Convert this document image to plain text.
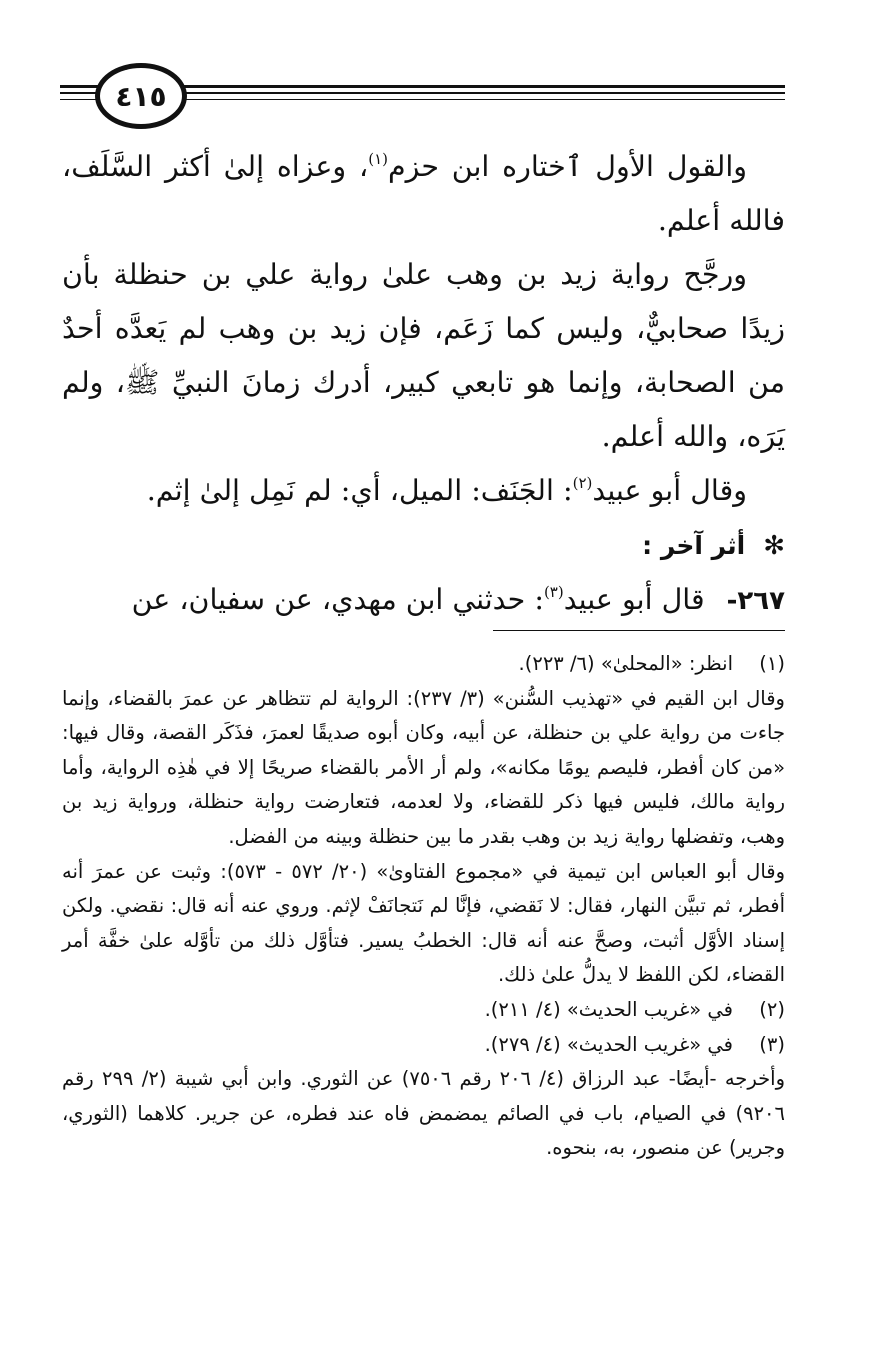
٤١٥

والقول الأول ٱختاره ابن حزم$^{(١)}$، وعزاه إلىٰ أكثر السَّلَف، فالله أعلم.

ورجَّح رواية زيد بن وهب علىٰ رواية علي بن حنظلة بأن زيدًا صحابيٌّ، وليس كما زَعَم، فإن زيد بن وهب لم يَعدَّه أحدٌ من الصحابة، وإنما هو تابعي كبير، أدرك زمانَ النبيِّ ﷺ، ولم يَرَه، والله أعلم.

وقال أبو عبيد$^{(٢)}$: الجَنَف: الميل، أي: لم نَمِل إلىٰ إثم.

✻أثر آخر :

٢٦٧-قال أبو عبيد$^{(٣)}$: حدثني ابن مهدي، عن سفيان، عن

(١)
انظر: «المحلیٰ» (٦/ ٢٢٣).

وقال ابن القيم في «تهذيب السُّنن» (٣/ ٢٣٧): الرواية لم تتظاهر عن عمرَ بالقضاء، وإنما جاءت من رواية علي بن حنظلة، عن أبيه، وكان أبوه صديقًا لعمرَ، فذَكَر القصة، وقال فيها: «من كان أفطر، فليصم يومًا مكانه»، ولم أر الأمر بالقضاء صريحًا إلا في هٰذِه الرواية، وأما رواية مالك، فليس فيها ذكر للقضاء، ولا لعدمه، فتعارضت رواية حنظلة، ورواية زيد بن وهب، وتفضلها رواية زيد بن وهب بقدر ما بين حنظلة وبينه من الفضل.

وقال أبو العباس ابن تيمية في «مجموع الفتاوىٰ» (٢٠/ ٥٧٢ - ٥٧٣): وثبت عن عمرَ أنه أفطر، ثم تبيَّن النهار، فقال: لا نَقضي، فإنَّا لم نَتجانَفْ لإثم. وروي عنه أنه قال: نقضي. ولكن إسناد الأوَّل أثبت، وصحَّ عنه أنه قال: الخطبُ يسير. فتأوَّل ذلك من تأوَّله علىٰ خفَّة أمر القضاء، لكن اللفظ لا يدلُّ علىٰ ذلك.

(٢)
في «غريب الحديث» (٤/ ٢١١).
(٣)
في «غريب الحديث» (٤/ ٢٧٩).

وأخرجه -أيضًا- عبد الرزاق (٤/ ٢٠٦ رقم ٧٥٠٦) عن الثوري. وابن أبي شيبة (٢/ ٢٩٩ رقم ٩٢٠٦) في الصيام، باب في الصائم يمضمض فاه عند فطره، عن جرير. كلاهما (الثوري، وجرير) عن منصور، به، بنحوه.
